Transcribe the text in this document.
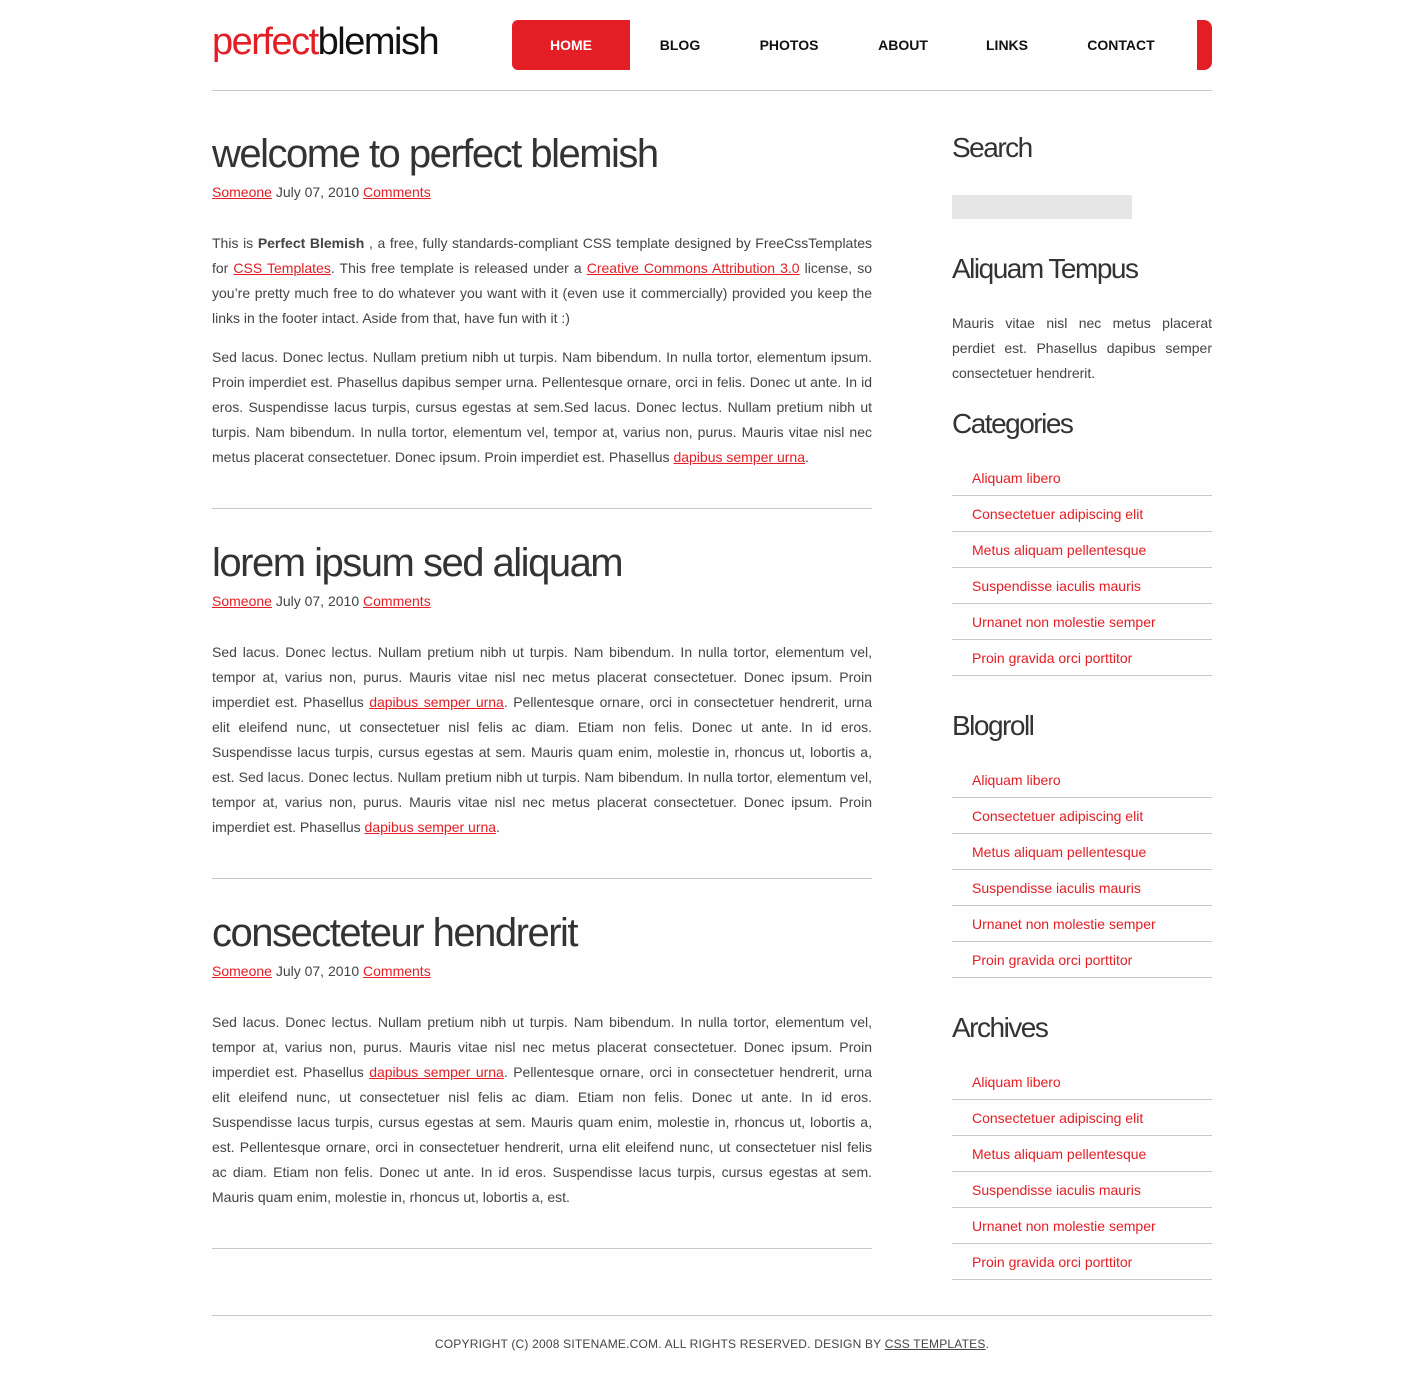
perfectblemish	HOME	BLOG	PHOTOS	ABOUT	LINKS	CONTACT
welcome to perfect blemish

Someone July 07, 2010 Comments

This is Perfect Blemish , a free, fully standards-compliant CSS template designed by FreeCssTemplates for CSS Templates. This free template is released under a Creative Commons Attribution 3.0 license, so you’re pretty much free to do whatever you want with it (even use it commercially) provided you keep the links in the footer intact. Aside from that, have fun with it :)

Sed lacus. Donec lectus. Nullam pretium nibh ut turpis. Nam bibendum. In nulla tortor, elementum ipsum. Proin imperdiet est. Phasellus dapibus semper urna. Pellentesque ornare, orci in felis. Donec ut ante. In id eros. Suspendisse lacus turpis, cursus egestas at sem.Sed lacus. Donec lectus. Nullam pretium nibh ut turpis. Nam bibendum. In nulla tortor, elementum vel, tempor at, varius non, purus. Mauris vitae nisl nec metus placerat consectetuer. Donec ipsum. Proin imperdiet est. Phasellus dapibus semper urna.

lorem ipsum sed aliquam

Someone July 07, 2010 Comments

Sed lacus. Donec lectus. Nullam pretium nibh ut turpis. Nam bibendum. In nulla tortor, elementum vel, tempor at, varius non, purus. Mauris vitae nisl nec metus placerat consectetuer. Donec ipsum. Proin imperdiet est. Phasellus dapibus semper urna. Pellentesque ornare, orci in consectetuer hendrerit, urna elit eleifend nunc, ut consectetuer nisl felis ac diam. Etiam non felis. Donec ut ante. In id eros. Suspendisse lacus turpis, cursus egestas at sem. Mauris quam enim, molestie in, rhoncus ut, lobortis a, est. Sed lacus. Donec lectus. Nullam pretium nibh ut turpis. Nam bibendum. In nulla tortor, elementum vel, tempor at, varius non, purus. Mauris vitae nisl nec metus placerat consectetuer. Donec ipsum. Proin imperdiet est. Phasellus dapibus semper urna.

consecteteur hendrerit

Someone July 07, 2010 Comments

Sed lacus. Donec lectus. Nullam pretium nibh ut turpis. Nam bibendum. In nulla tortor, elementum vel, tempor at, varius non, purus. Mauris vitae nisl nec metus placerat consectetuer. Donec ipsum. Proin imperdiet est. Phasellus dapibus semper urna. Pellentesque ornare, orci in consectetuer hendrerit, urna elit eleifend nunc, ut consectetuer nisl felis ac diam. Etiam non felis. Donec ut ante. In id eros. Suspendisse lacus turpis, cursus egestas at sem. Mauris quam enim, molestie in, rhoncus ut, lobortis a, est. Pellentesque ornare, orci in consectetuer hendrerit, urna elit eleifend nunc, ut consectetuer nisl felis ac diam. Etiam non felis. Donec ut ante. In id eros. Suspendisse lacus turpis, cursus egestas at sem. Mauris quam enim, molestie in, rhoncus ut, lobortis a, est.

Search
Aliquam Tempus

Mauris vitae nisl nec metus placerat perdiet est. Phasellus dapibus semper consectetuer hendrerit.

Categories
Aliquam libero
Consectetuer adipiscing elit
Metus aliquam pellentesque
Suspendisse iaculis mauris
Urnanet non molestie semper
Proin gravida orci porttitor
Blogroll
Aliquam libero
Consectetuer adipiscing elit
Metus aliquam pellentesque
Suspendisse iaculis mauris
Urnanet non molestie semper
Proin gravida orci porttitor
Archives
Aliquam libero
Consectetuer adipiscing elit
Metus aliquam pellentesque
Suspendisse iaculis mauris
Urnanet non molestie semper
Proin gravida orci porttitor

COPYRIGHT (C) 2008 SITENAME.COM. ALL RIGHTS RESERVED. DESIGN BY CSS TEMPLATES.
